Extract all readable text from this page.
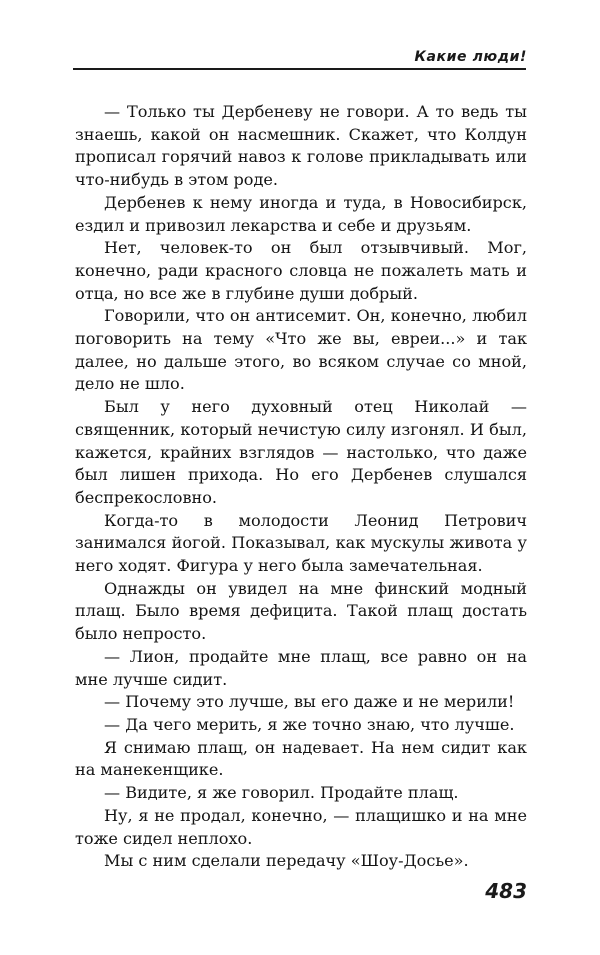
Какие люди!

— Только ты Дербеневу не говори. А то ведь ты знаешь, какой он насмешник. Скажет, что Колдун прописал горячий навоз к голове прикладывать или что-нибудь в этом роде.

Дербенев к нему иногда и туда, в Новосибирск, ездил и привозил лекарства и себе и друзьям.

Нет, человек-то он был отзывчивый. Мог, конечно, ради красного словца не пожалеть мать и отца, но все же в глубине души добрый.

Говорили, что он антисемит. Он, конечно, любил поговорить на тему «Что же вы, евреи...» и так далее, но дальше этого, во всяком случае со мной, дело не шло.

Был у него духовный отец Николай — священник, который нечистую силу изгонял. И был, кажется, крайних взглядов — настолько, что даже был лишен прихода. Но его Дербенев слушался беспрекословно.

Когда-то в молодости Леонид Петрович занимался йогой. Показывал, как мускулы живота у него ходят. Фигура у него была замечательная.

Однажды он увидел на мне финский модный плащ. Было время дефицита. Такой плащ достать было непросто.

— Лион, продайте мне плащ, все равно он на мне лучше сидит.

— Почему это лучше, вы его даже и не мерили!

— Да чего мерить, я же точно знаю, что лучше.

Я снимаю плащ, он надевает. На нем сидит как на манекенщике.

— Видите, я же говорил. Продайте плащ.

Ну, я не продал, конечно, — плащишко и на мне тоже сидел неплохо.

Мы с ним сделали передачу «Шоу-Досье».

483
